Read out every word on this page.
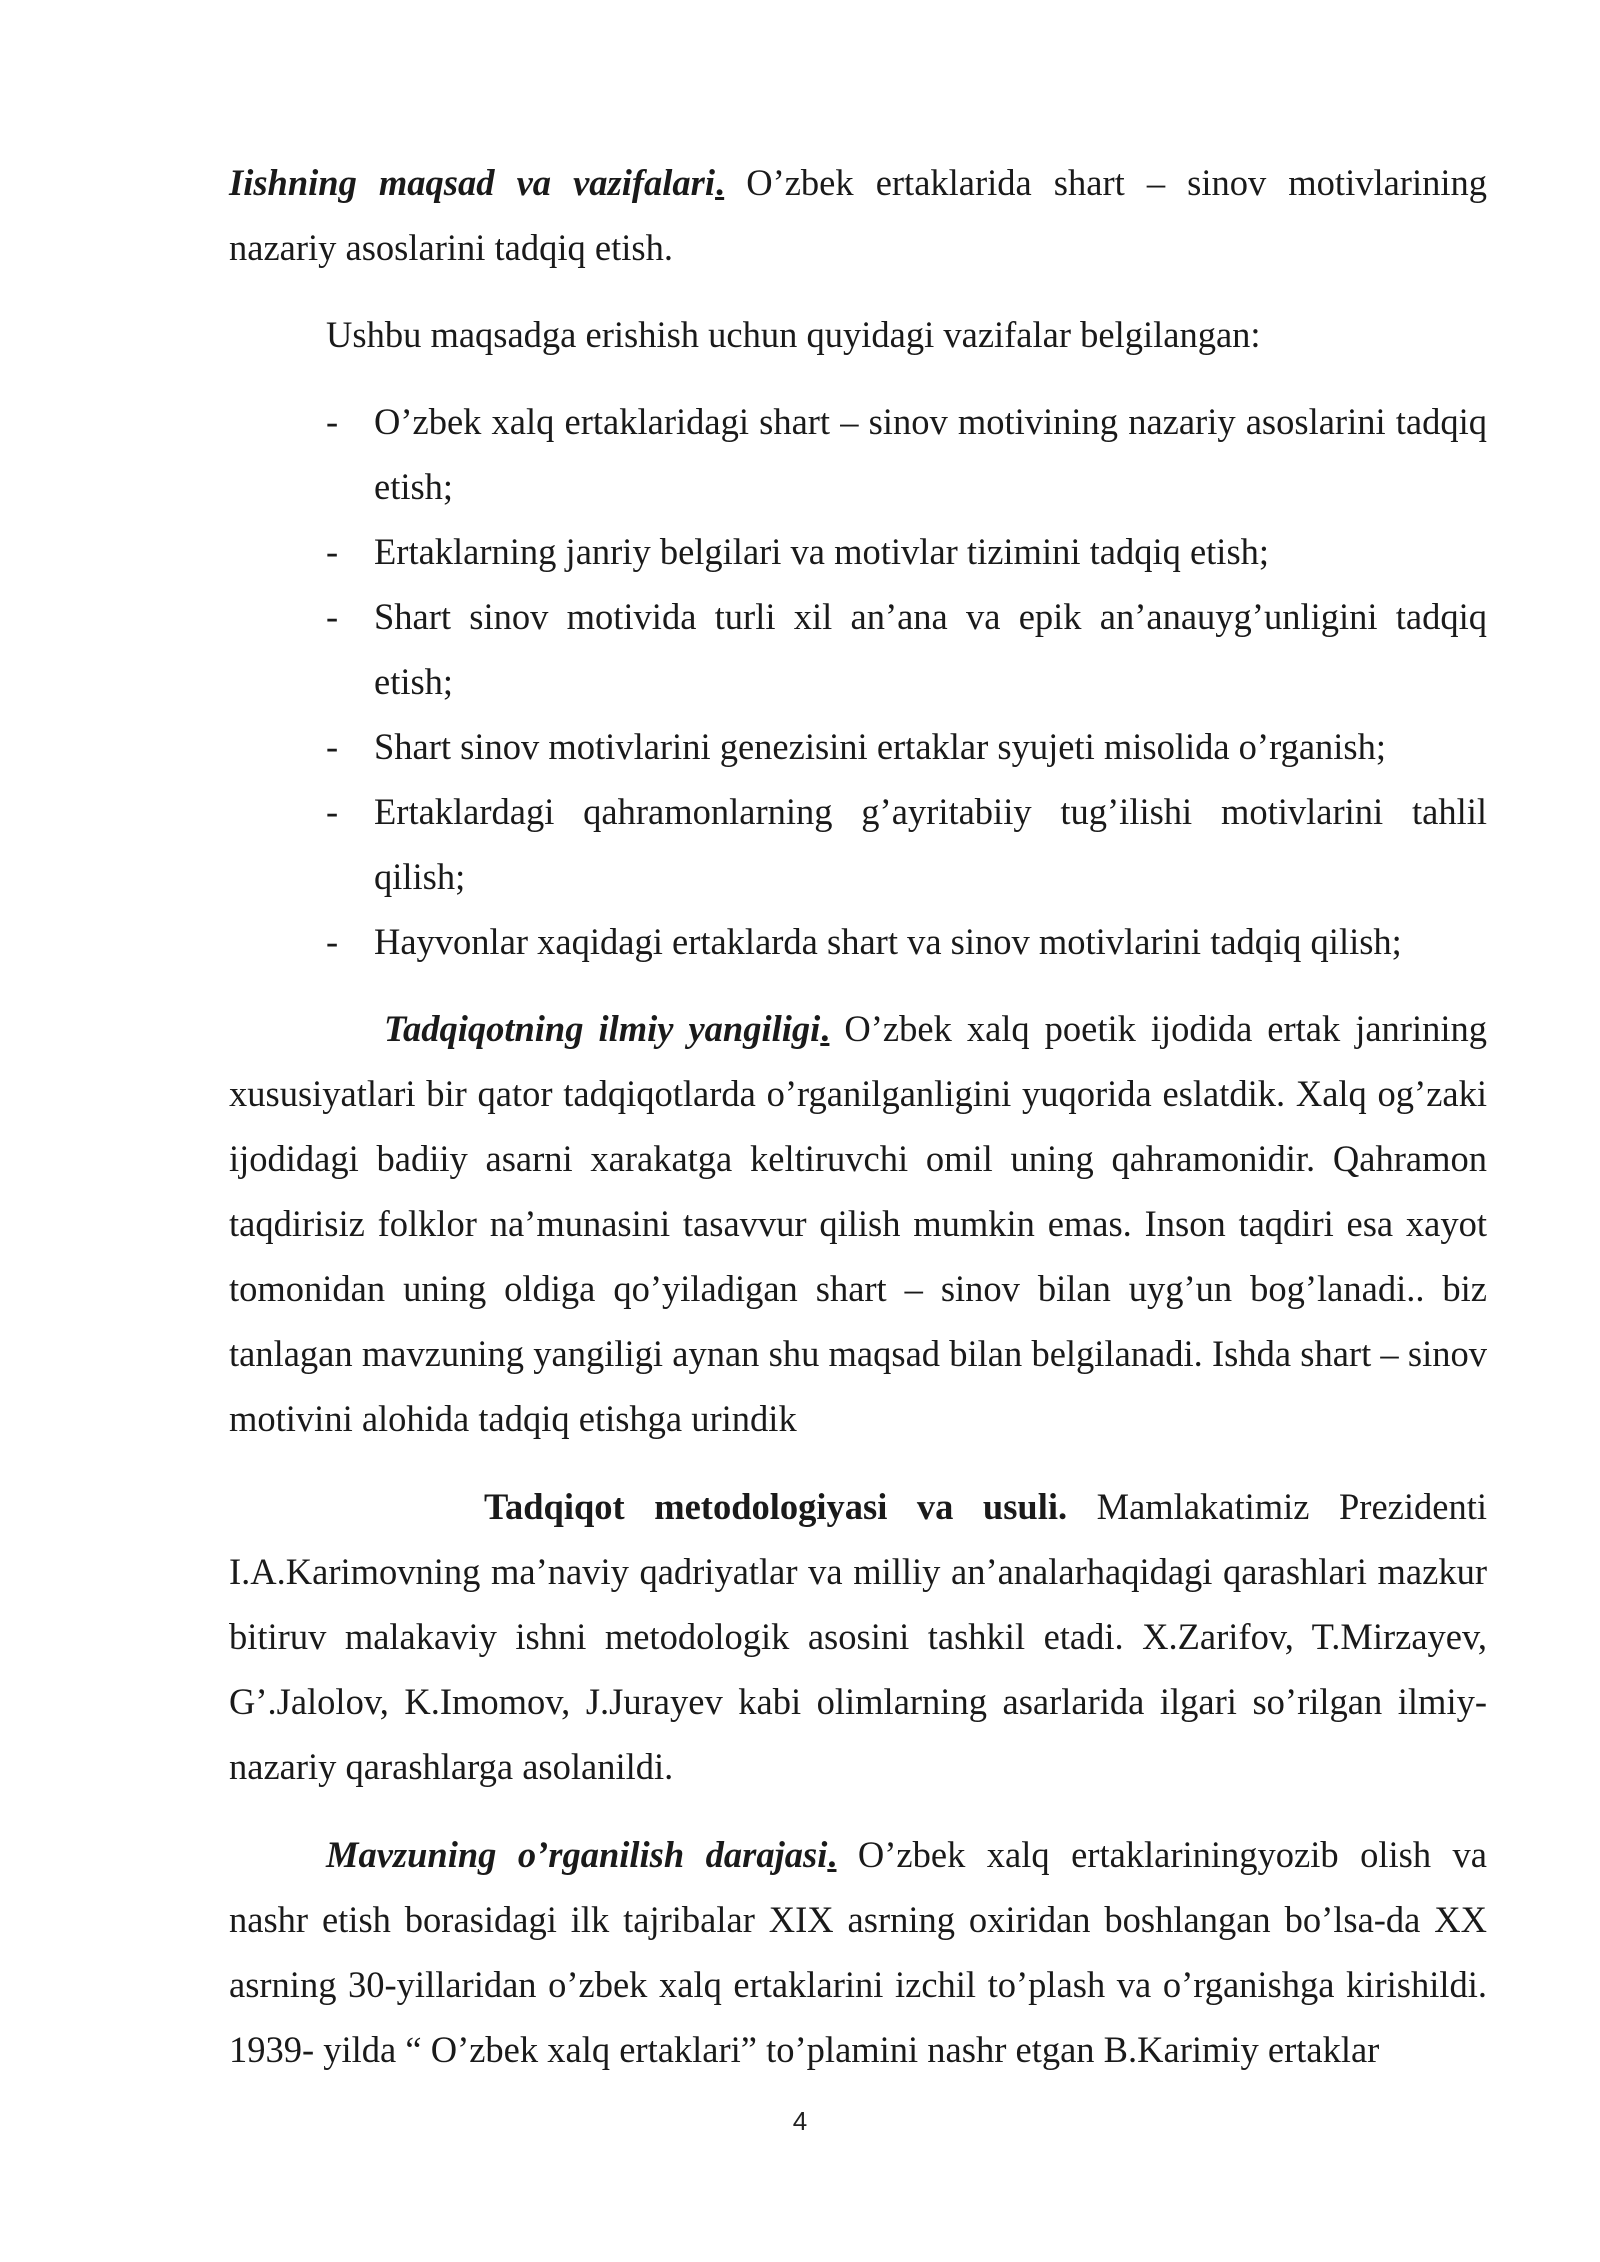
Iishning maqsad va vazifalari. O’zbek ertaklarida shart – sinov motivlarining nazariy asoslarini tadqiq etish.

Ushbu maqsadga erishish uchun quyidagi vazifalar belgilangan:

- O’zbek xalq ertaklaridagi shart – sinov motivining nazariy asoslarini tadqiq etish;
- Ertaklarning janriy belgilari va motivlar tizimini tadqiq etish;
- Shart sinov motivida turli xil an’ana va epik an’anauyg’unligini tadqiq etish;
- Shart sinov motivlarini genezisini ertaklar syujeti misolida o’rganish;
- Ertaklardagi qahramonlarning g’ayritabiiy tug’ilishi motivlarini tahlil qilish;
- Hayvonlar xaqidagi ertaklarda shart va sinov motivlarini tadqiq qilish;

Tadqiqotning ilmiy yangiligi. O’zbek xalq poetik ijodida ertak janrining xususiyatlari bir qator tadqiqotlarda o’rganilganligini yuqorida eslatdik. Xalq og’zaki ijodidagi badiiy asarni xarakatga keltiruvchi omil uning qahramonidir. Qahramon taqdirisiz folklor na’munasini tasavvur qilish mumkin emas. Inson taqdiri esa xayot tomonidan uning oldiga qo’yiladigan shart – sinov bilan uyg’un bog’lanadi.. biz tanlagan mavzuning yangiligi aynan shu maqsad bilan belgilanadi. Ishda shart – sinov motivini alohida tadqiq etishga urindik

Tadqiqot metodologiyasi va usuli. Mamlakatimiz Prezidenti I.A.Karimovning ma’naviy qadriyatlar va milliy an’analarhaqidagi qarashlari mazkur bitiruv malakaviy ishni metodologik asosini tashkil etadi. X.Zarifov, T.Mirzayev, G’.Jalolov, K.Imomov, J.Jurayev kabi olimlarning asarlarida ilgari so’rilgan ilmiy- nazariy qarashlarga asolanildi.

Mavzuning o’rganilish darajasi. O’zbek xalq ertaklariningyozib olish va nashr etish borasidagi ilk tajribalar XIX asrning oxiridan boshlangan bo’lsa-da XX asrning 30-yillaridan o’zbek xalq ertaklarini izchil to’plash va o’rganishga kirishildi. 1939- yilda “ O’zbek xalq ertaklari” to’plamini nashr etgan B.Karimiy ertaklar

4
